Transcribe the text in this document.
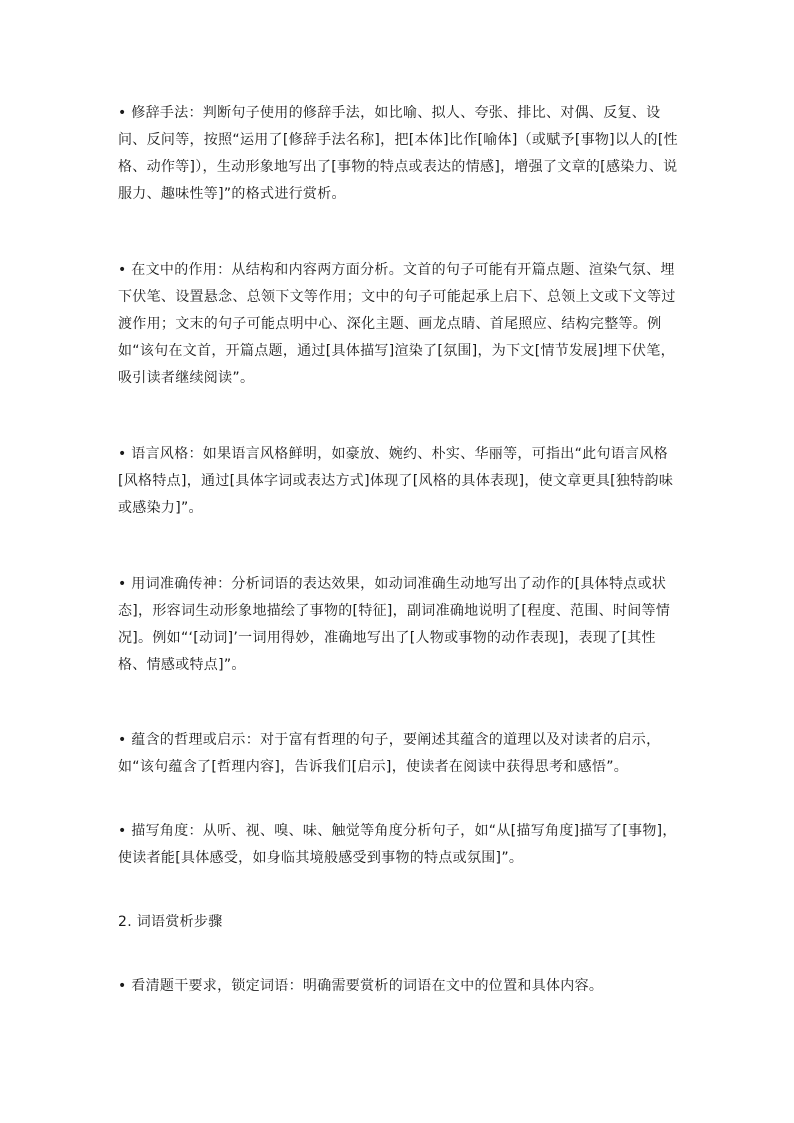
• 修辞手法：判断句子使用的修辞手法，如比喻、拟人、夸张、排比、对偶、反复、设问、反问等，按照“运用了[修辞手法名称]，把[本体]比作[喻体]（或赋予[事物]以人的[性格、动作等]），生动形象地写出了[事物的特点或表达的情感]，增强了文章的[感染力、说服力、趣味性等]”的格式进行赏析。
• 在文中的作用：从结构和内容两方面分析。文首的句子可能有开篇点题、渲染气氛、埋下伏笔、设置悬念、总领下文等作用；文中的句子可能起承上启下、总领上文或下文等过渡作用；文末的句子可能点明中心、深化主题、画龙点睛、首尾照应、结构完整等。例如“该句在文首，开篇点题，通过[具体描写]渲染了[氛围]，为下文[情节发展]埋下伏笔，吸引读者继续阅读”。
• 语言风格：如果语言风格鲜明，如豪放、婉约、朴实、华丽等，可指出“此句语言风格[风格特点]，通过[具体字词或表达方式]体现了[风格的具体表现]，使文章更具[独特韵味或感染力]”。
• 用词准确传神：分析词语的表达效果，如动词准确生动地写出了动作的[具体特点或状态]，形容词生动形象地描绘了事物的[特征]，副词准确地说明了[程度、范围、时间等情况]。例如“‘[动词]’一词用得妙，准确地写出了[人物或事物的动作表现]，表现了[其性格、情感或特点]”。
• 蕴含的哲理或启示：对于富有哲理的句子，要阐述其蕴含的道理以及对读者的启示，如“该句蕴含了[哲理内容]，告诉我们[启示]，使读者在阅读中获得思考和感悟”。
• 描写角度：从听、视、嗅、味、触觉等角度分析句子，如“从[描写角度]描写了[事物]，使读者能[具体感受，如身临其境般感受到事物的特点或氛围]”。
2. 词语赏析步骤
• 看清题干要求，锁定词语：明确需要赏析的词语在文中的位置和具体内容。
